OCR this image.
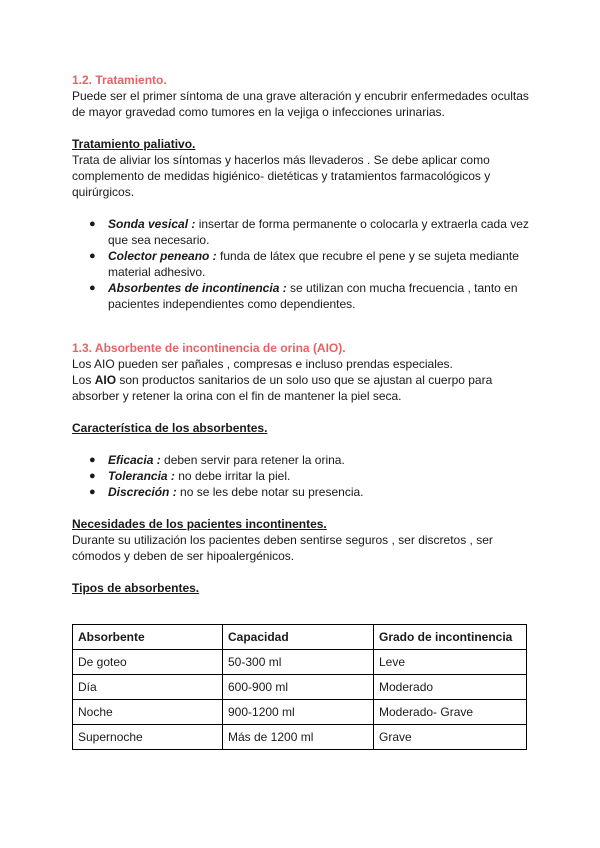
1.2. Tratamiento.

Puede ser el primer síntoma de una grave alteración y encubrir enfermedades ocultas de mayor gravedad como tumores en la vejiga o infecciones urinarias.

Tratamiento paliativo.

Trata de aliviar los síntomas y hacerlos más llevaderos . Se debe aplicar como complemento de medidas higiénico- dietéticas y tratamientos farmacológicos y quirúrgicos.

● Sonda vesical : insertar de forma permanente o colocarla y extraerla cada vez que sea necesario.
● Colector peneano : funda de látex que recubre el pene y se sujeta mediante material adhesivo.
● Absorbentes de incontinencia : se utilizan con mucha frecuencia , tanto en pacientes independientes como dependientes.

1.3. Absorbente de incontinencia de orina (AIO).

Los AIO pueden ser pañales , compresas e incluso prendas especiales.

Los AIO son productos sanitarios de un solo uso que se ajustan al cuerpo para absorber y retener la orina con el fin de mantener la piel seca.

Característica de los absorbentes.

● Eficacia : deben servir para retener la orina.
● Tolerancia : no debe irritar la piel.
● Discreción : no se les debe notar su presencia.

Necesidades de los pacientes incontinentes.

Durante su utilización los pacientes deben sentirse seguros , ser discretos , ser cómodos y deben de ser hipoalergénicos.

Tipos de absorbentes.

Absorbente	Capacidad	Grado de incontinencia
De goteo	50-300 ml	Leve
Día	600-900 ml	Moderado
Noche	900-1200 ml	Moderado- Grave
Supernoche	Más de 1200 ml	Grave
